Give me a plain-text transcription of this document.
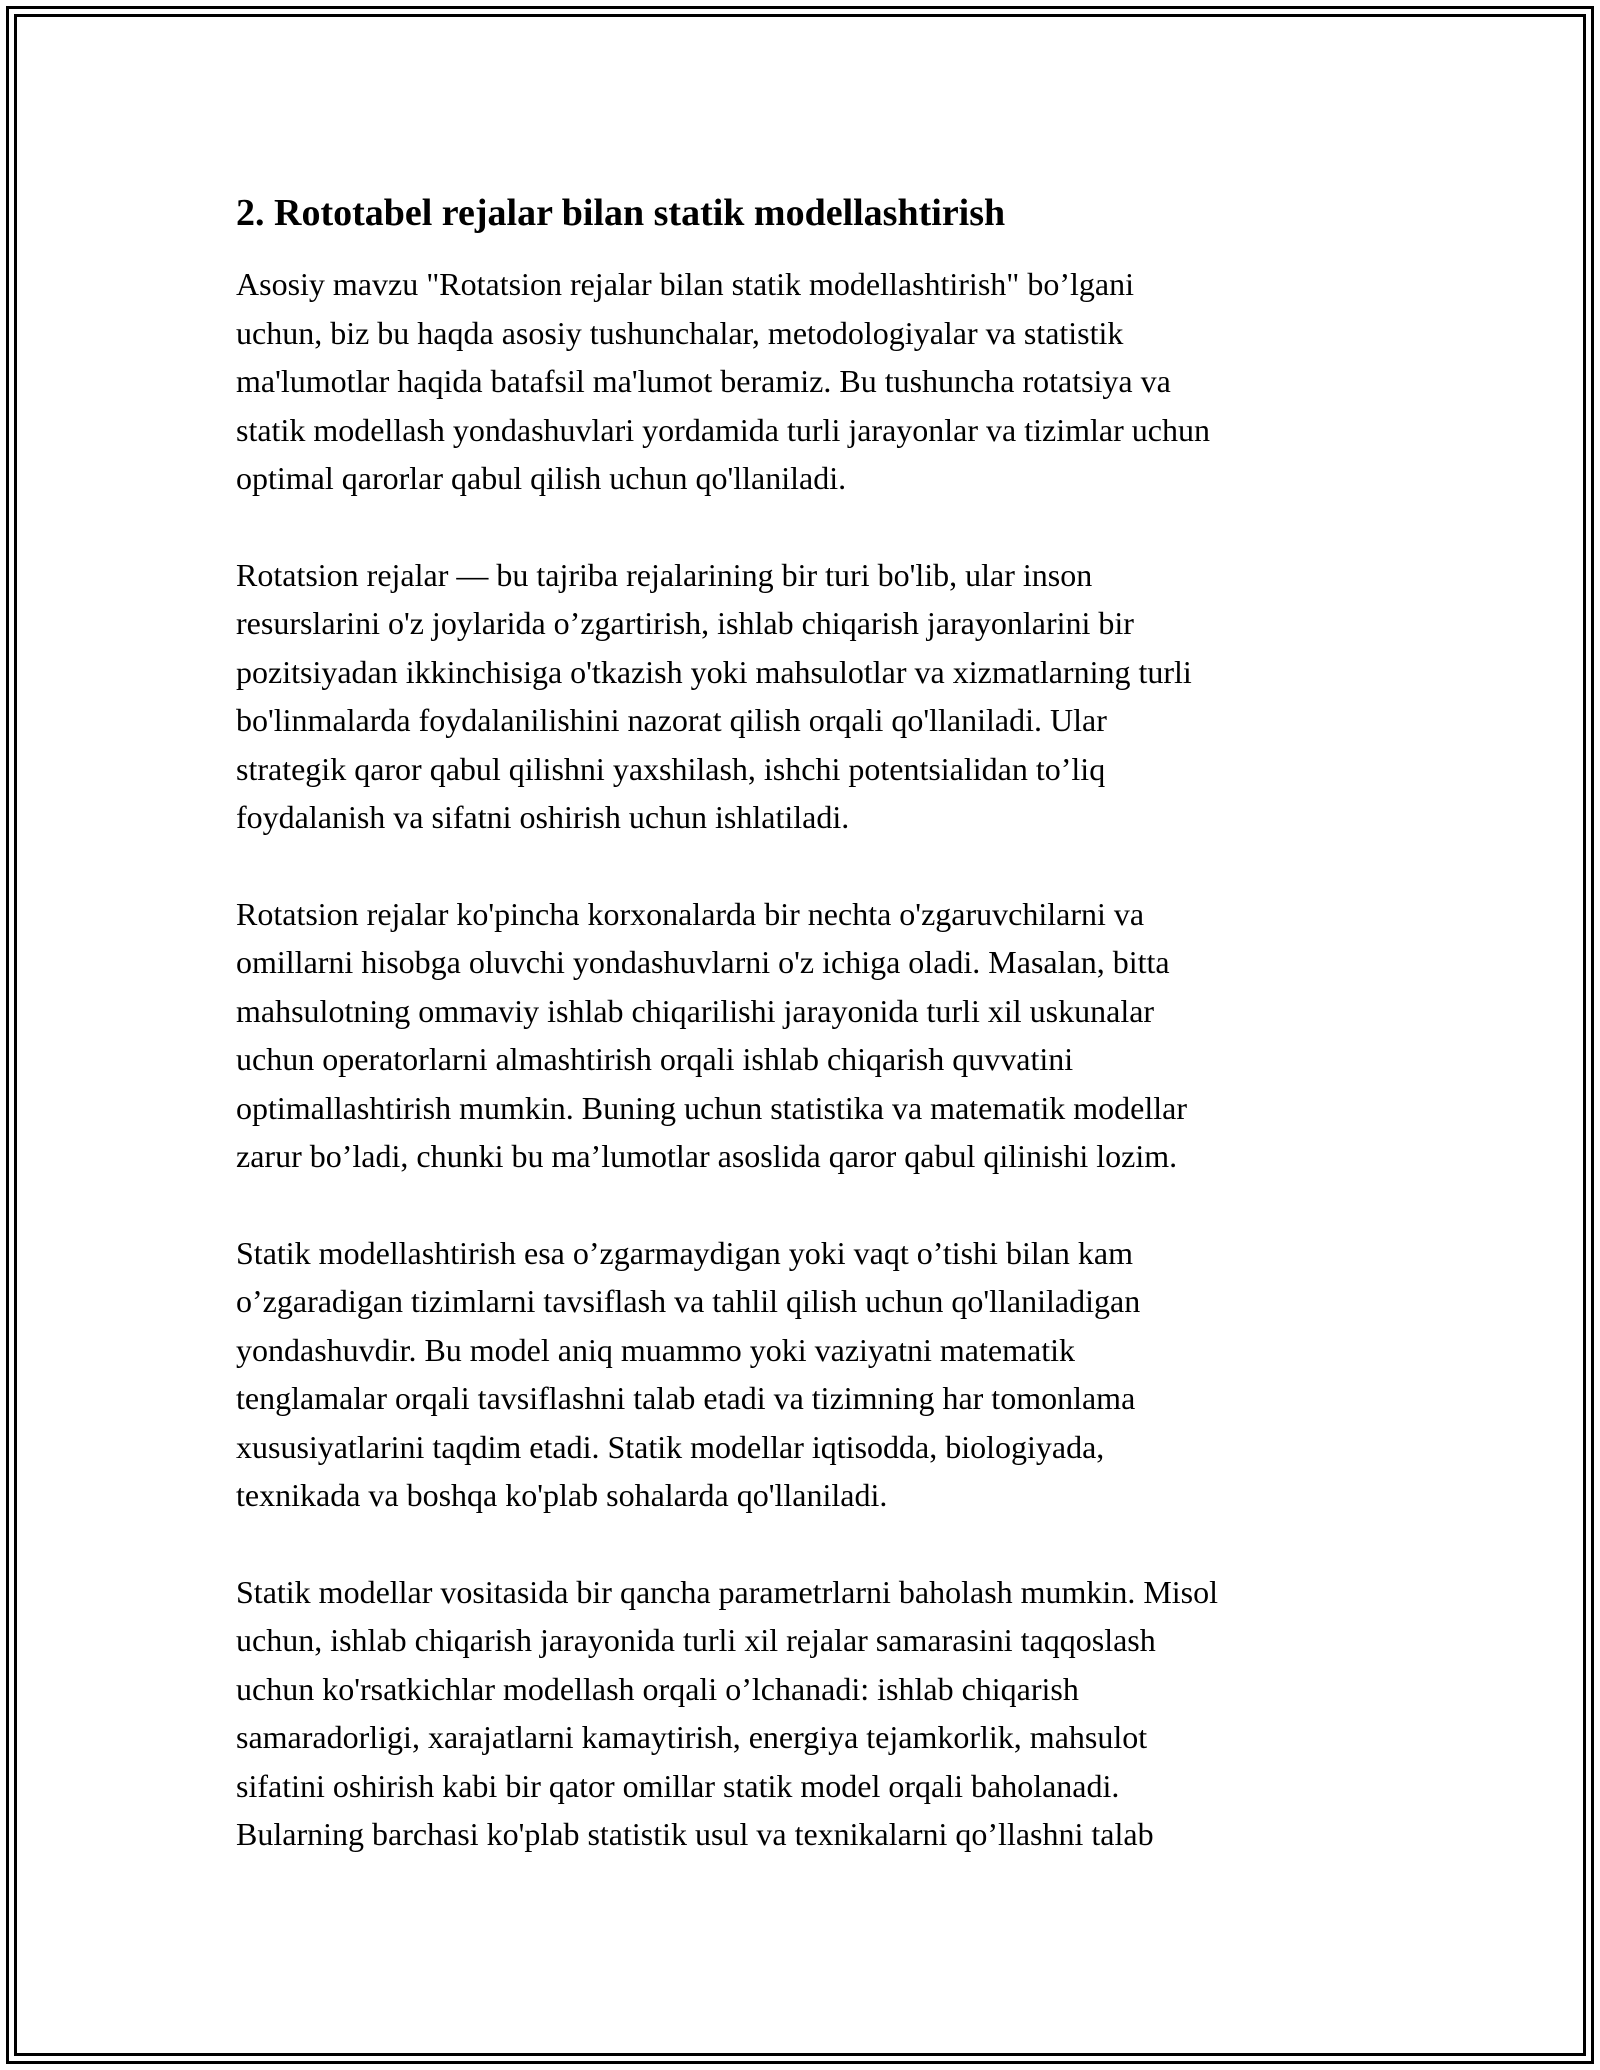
2. Rototabel rejalar bilan statik modellashtirish
Asosiy mavzu "Rotatsion rejalar bilan statik modellashtirish" bo’lgani
uchun, biz bu haqda asosiy tushunchalar, metodologiyalar va statistik
ma'lumotlar haqida batafsil ma'lumot beramiz. Bu tushuncha rotatsiya va
statik modellash yondashuvlari yordamida turli jarayonlar va tizimlar uchun
optimal qarorlar qabul qilish uchun qo'llaniladi.
Rotatsion rejalar — bu tajriba rejalarining bir turi bo'lib, ular inson
resurslarini o'z joylarida o’zgartirish, ishlab chiqarish jarayonlarini bir
pozitsiyadan ikkinchisiga o'tkazish yoki mahsulotlar va xizmatlarning turli
bo'linmalarda foydalanilishini nazorat qilish orqali qo'llaniladi. Ular
strategik qaror qabul qilishni yaxshilash, ishchi potentsialidan to’liq
foydalanish va sifatni oshirish uchun ishlatiladi.
Rotatsion rejalar ko'pincha korxonalarda bir nechta o'zgaruvchilarni va
omillarni hisobga oluvchi yondashuvlarni o'z ichiga oladi. Masalan, bitta
mahsulotning ommaviy ishlab chiqarilishi jarayonida turli xil uskunalar
uchun operatorlarni almashtirish orqali ishlab chiqarish quvvatini
optimallashtirish mumkin. Buning uchun statistika va matematik modellar
zarur bo’ladi, chunki bu ma’lumotlar asoslida qaror qabul qilinishi lozim.
Statik modellashtirish esa o’zgarmaydigan yoki vaqt o’tishi bilan kam
o’zgaradigan tizimlarni tavsiflash va tahlil qilish uchun qo'llaniladigan
yondashuvdir. Bu model aniq muammo yoki vaziyatni matematik
tenglamalar orqali tavsiflashni talab etadi va tizimning har tomonlama
xususiyatlarini taqdim etadi. Statik modellar iqtisodda, biologiyada,
texnikada va boshqa ko'plab sohalarda qo'llaniladi.
Statik modellar vositasida bir qancha parametrlarni baholash mumkin. Misol
uchun, ishlab chiqarish jarayonida turli xil rejalar samarasini taqqoslash
uchun ko'rsatkichlar modellash orqali o’lchanadi: ishlab chiqarish
samaradorligi, xarajatlarni kamaytirish, energiya tejamkorlik, mahsulot
sifatini oshirish kabi bir qator omillar statik model orqali baholanadi.
Bularning barchasi ko'plab statistik usul va texnikalarni qo’llashni talab
